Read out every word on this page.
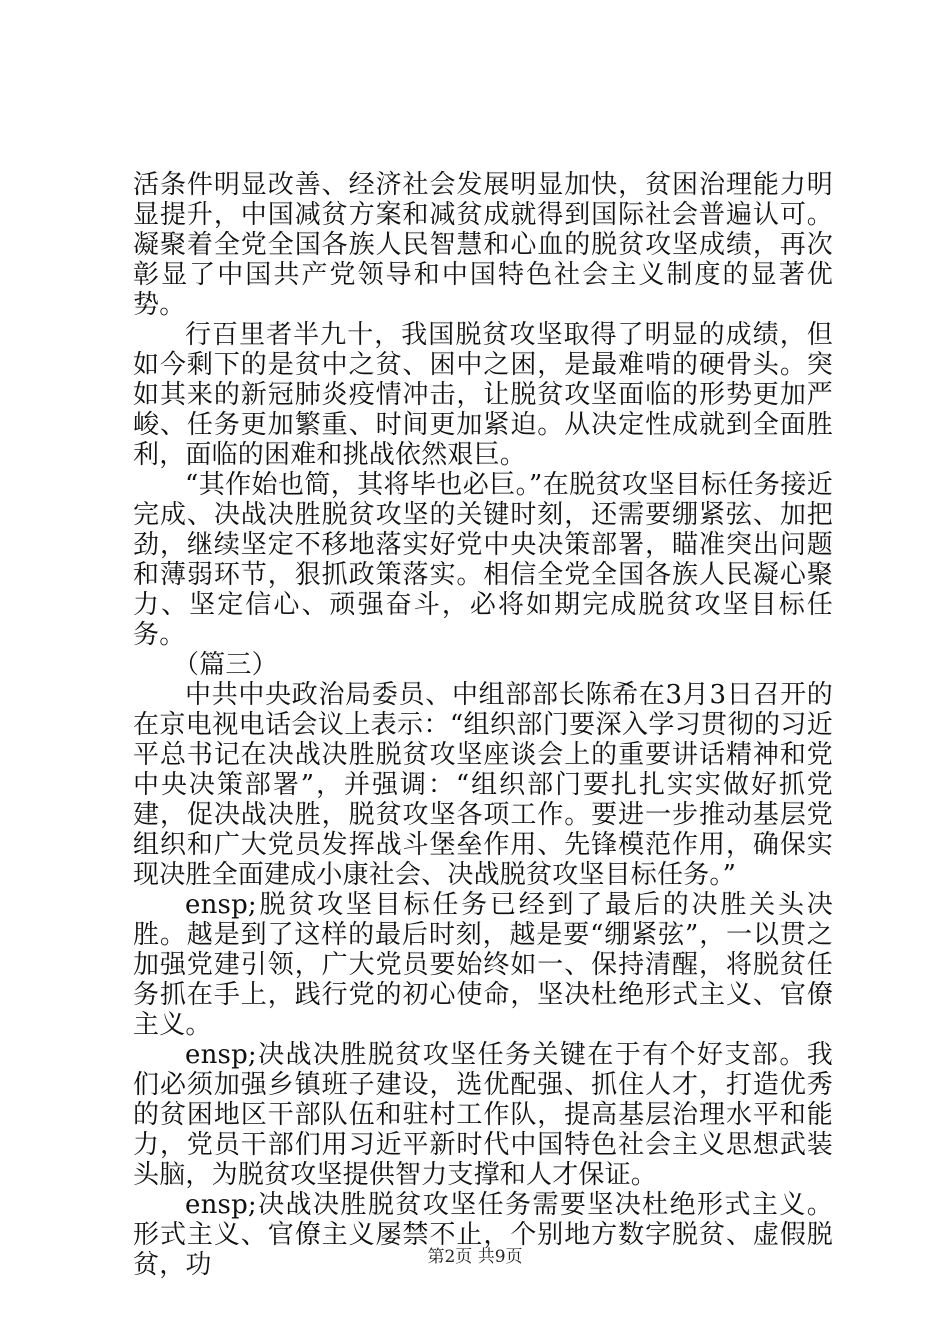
活条件明显改善、经济社会发展明显加快，贫困治理能力明显提升，中国减贫方案和减贫成就得到国际社会普遍认可。凝聚着全党全国各族人民智慧和心血的脱贫攻坚成绩，再次彰显了中国共产党领导和中国特色社会主义制度的显著优势。

行百里者半九十，我国脱贫攻坚取得了明显的成绩，但如今剩下的是贫中之贫、困中之困，是最难啃的硬骨头。突如其来的新冠肺炎疫情冲击，让脱贫攻坚面临的形势更加严峻、任务更加繁重、时间更加紧迫。从决定性成就到全面胜利，面临的困难和挑战依然艰巨。

“其作始也简，其将毕也必巨。”在脱贫攻坚目标任务接近完成、决战决胜脱贫攻坚的关键时刻，还需要绷紧弦、加把劲，继续坚定不移地落实好党中央决策部署，瞄准突出问题和薄弱环节，狠抓政策落实。相信全党全国各族人民凝心聚力、坚定信心、顽强奋斗，必将如期完成脱贫攻坚目标任务。

（篇三）

中共中央政治局委员、中组部部长陈希在3月3日召开的在京电视电话会议上表示：“组织部门要深入学习贯彻的习近平总书记在决战决胜脱贫攻坚座谈会上的重要讲话精神和党中央决策部署”，并强调：“组织部门要扎扎实实做好抓党建，促决战决胜，脱贫攻坚各项工作。要进一步推动基层党组织和广大党员发挥战斗堡垒作用、先锋模范作用，确保实现决胜全面建成小康社会、决战脱贫攻坚目标任务。”

ensp;脱贫攻坚目标任务已经到了最后的决胜关头决胜。越是到了这样的最后时刻，越是要“绷紧弦”，一以贯之加强党建引领，广大党员要始终如一、保持清醒，将脱贫任务抓在手上，践行党的初心使命，坚决杜绝形式主义、官僚主义。

ensp;决战决胜脱贫攻坚任务关键在于有个好支部。我们必须加强乡镇班子建设，选优配强、抓住人才，打造优秀的贫困地区干部队伍和驻村工作队，提高基层治理水平和能力，党员干部们用习近平新时代中国特色社会主义思想武装头脑，为脱贫攻坚提供智力支撑和人才保证。

ensp;决战决胜脱贫攻坚任务需要坚决杜绝形式主义。形式主义、官僚主义屡禁不止，个别地方数字脱贫、虚假脱贫，功	第2页 共9页
